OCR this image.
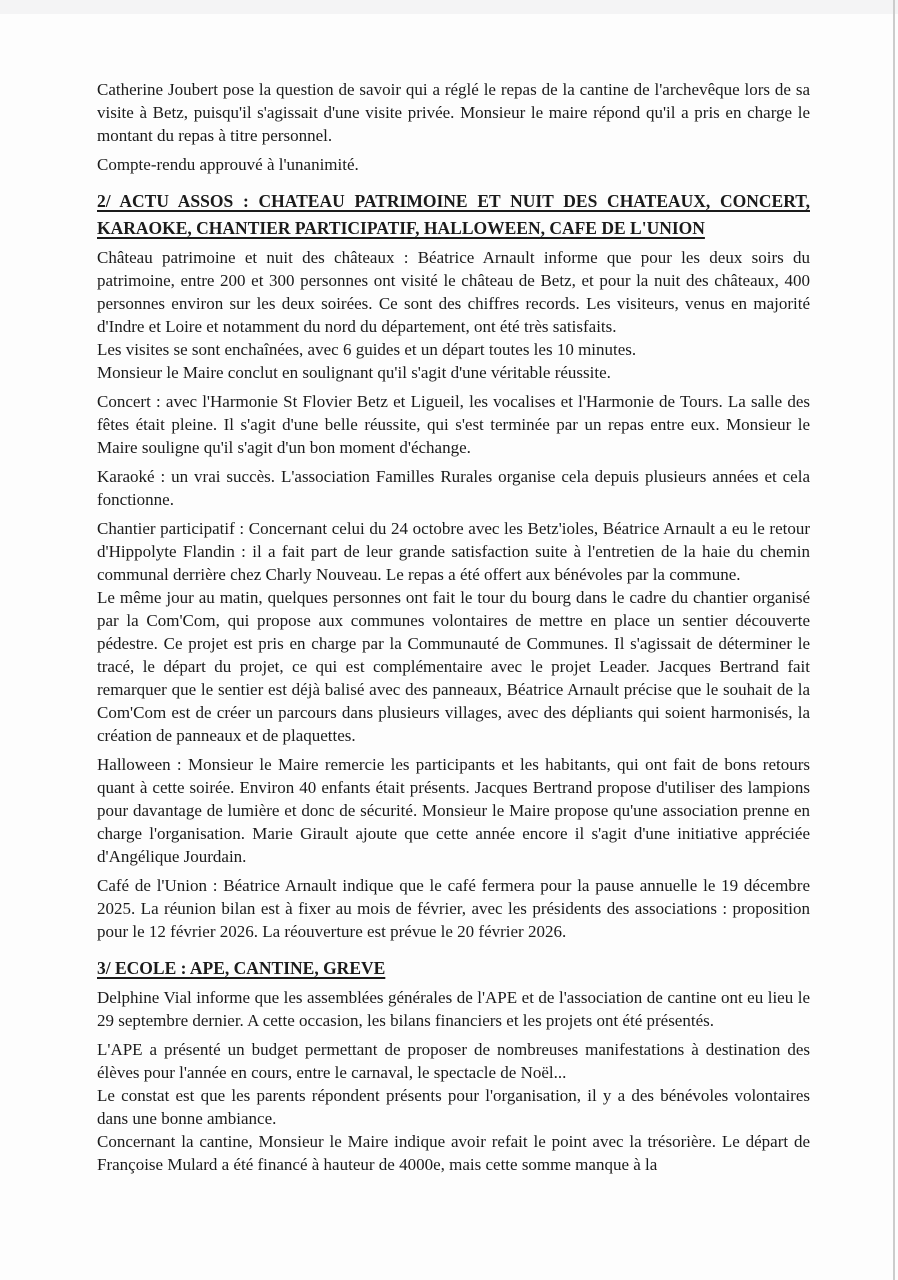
Catherine Joubert pose la question de savoir qui a réglé le repas de la cantine de l'archevêque lors de sa visite à Betz, puisqu'il s'agissait d'une visite privée. Monsieur le maire répond qu'il a pris en charge le montant du repas à titre personnel.

Compte-rendu approuvé à l'unanimité.

2/ ACTU ASSOS : CHATEAU PATRIMOINE ET NUIT DES CHATEAUX, CONCERT,
KARAOKE, CHANTIER PARTICIPATIF, HALLOWEEN, CAFE DE L'UNION
Château patrimoine et nuit des châteaux : Béatrice Arnault informe que pour les deux soirs du patrimoine, entre 200 et 300 personnes ont visité le château de Betz, et pour la nuit des châteaux, 400 personnes environ sur les deux soirées. Ce sont des chiffres records. Les visiteurs, venus en majorité d'Indre et Loire et notamment du nord du département, ont été très satisfaits.
Les visites se sont enchaînées, avec 6 guides et un départ toutes les 10 minutes.
Monsieur le Maire conclut en soulignant qu'il s'agit d'une véritable réussite.

Concert : avec l'Harmonie St Flovier Betz et Ligueil, les vocalises et l'Harmonie de Tours. La salle des fêtes était pleine. Il s'agit d'une belle réussite, qui s'est terminée par un repas entre eux. Monsieur le Maire souligne qu'il s'agit d'un bon moment d'échange.

Karaoké : un vrai succès. L'association Familles Rurales organise cela depuis plusieurs années et cela fonctionne.

Chantier participatif : Concernant celui du 24 octobre avec les Betz'ioles, Béatrice Arnault a eu le retour d'Hippolyte Flandin : il a fait part de leur grande satisfaction suite à l'entretien de la haie du chemin communal derrière chez Charly Nouveau. Le repas a été offert aux bénévoles par la commune.
Le même jour au matin, quelques personnes ont fait le tour du bourg dans le cadre du chantier organisé par la Com'Com, qui propose aux communes volontaires de mettre en place un sentier découverte pédestre. Ce projet est pris en charge par la Communauté de Communes. Il s'agissait de déterminer le tracé, le départ du projet, ce qui est complémentaire avec le projet Leader. Jacques Bertrand fait remarquer que le sentier est déjà balisé avec des panneaux, Béatrice Arnault précise que le souhait de la Com'Com est de créer un parcours dans plusieurs villages, avec des dépliants qui soient harmonisés, la création de panneaux et de plaquettes.

Halloween : Monsieur le Maire remercie les participants et les habitants, qui ont fait de bons retours quant à cette soirée. Environ 40 enfants était présents. Jacques Bertrand propose d'utiliser des lampions pour davantage de lumière et donc de sécurité. Monsieur le Maire propose qu'une association prenne en charge l'organisation. Marie Girault ajoute que cette année encore il s'agit d'une initiative appréciée d'Angélique Jourdain.

Café de l'Union : Béatrice Arnault indique que le café fermera pour la pause annuelle le 19 décembre 2025. La réunion bilan est à fixer au mois de février, avec les présidents des associations : proposition pour le 12 février 2026. La réouverture est prévue le 20 février 2026.

3/ ECOLE : APE, CANTINE, GREVE

Delphine Vial informe que les assemblées générales de l'APE et de l'association de cantine ont eu lieu le 29 septembre dernier. A cette occasion, les bilans financiers et les projets ont été présentés.

L'APE a présenté un budget permettant de proposer de nombreuses manifestations à destination des élèves pour l'année en cours, entre le carnaval, le spectacle de Noël...
Le constat est que les parents répondent présents pour l'organisation, il y a des bénévoles volontaires dans une bonne ambiance.
Concernant la cantine, Monsieur le Maire indique avoir refait le point avec la trésorière. Le départ de Françoise Mulard a été financé à hauteur de 4000e, mais cette somme manque à la
